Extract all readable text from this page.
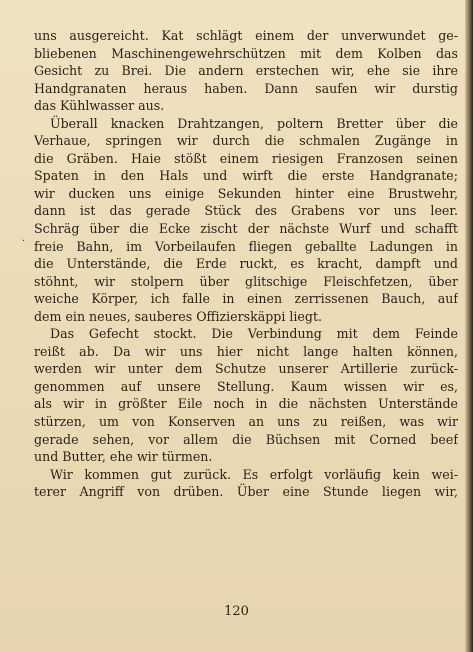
uns ausgereicht. Kat schlägt einem der unverwundet ge-
bliebenen Maschinengewehrschützen mit dem Kolben das
Gesicht zu Brei. Die andern erstechen wir, ehe sie ihre
Handgranaten heraus haben. Dann saufen wir durstig
das Kühlwasser aus.
Überall knacken Drahtzangen, poltern Bretter über die
Verhaue, springen wir durch die schmalen Zugänge in
die Gräben. Haie stößt einem riesigen Franzosen seinen
Spaten in den Hals und wirft die erste Handgranate;
wir ducken uns einige Sekunden hinter eine Brustwehr,
dann ist das gerade Stück des Grabens vor uns leer.
Schräg über die Ecke zischt der nächste Wurf und schafft
freie Bahn, im Vorbeilaufen fliegen geballte Ladungen in
die Unterstände, die Erde ruckt, es kracht, dampft und
stöhnt, wir stolpern über glitschige Fleischfetzen, über
weiche Körper, ich falle in einen zerrissenen Bauch, auf
dem ein neues, sauberes Offizierskäppi liegt.
Das Gefecht stockt. Die Verbindung mit dem Feinde
reißt ab. Da wir uns hier nicht lange halten können,
werden wir unter dem Schutze unserer Artillerie zurück-
genommen auf unsere Stellung. Kaum wissen wir es,
als wir in größter Eile noch in die nächsten Unterstände
stürzen, um von Konserven an uns zu reißen, was wir
gerade sehen, vor allem die Büchsen mit Corned beef
und Butter, ehe wir türmen.
Wir kommen gut zurück. Es erfolgt vorläufig kein wei-
terer Angriff von drüben. Über eine Stunde liegen wir,
·
120
